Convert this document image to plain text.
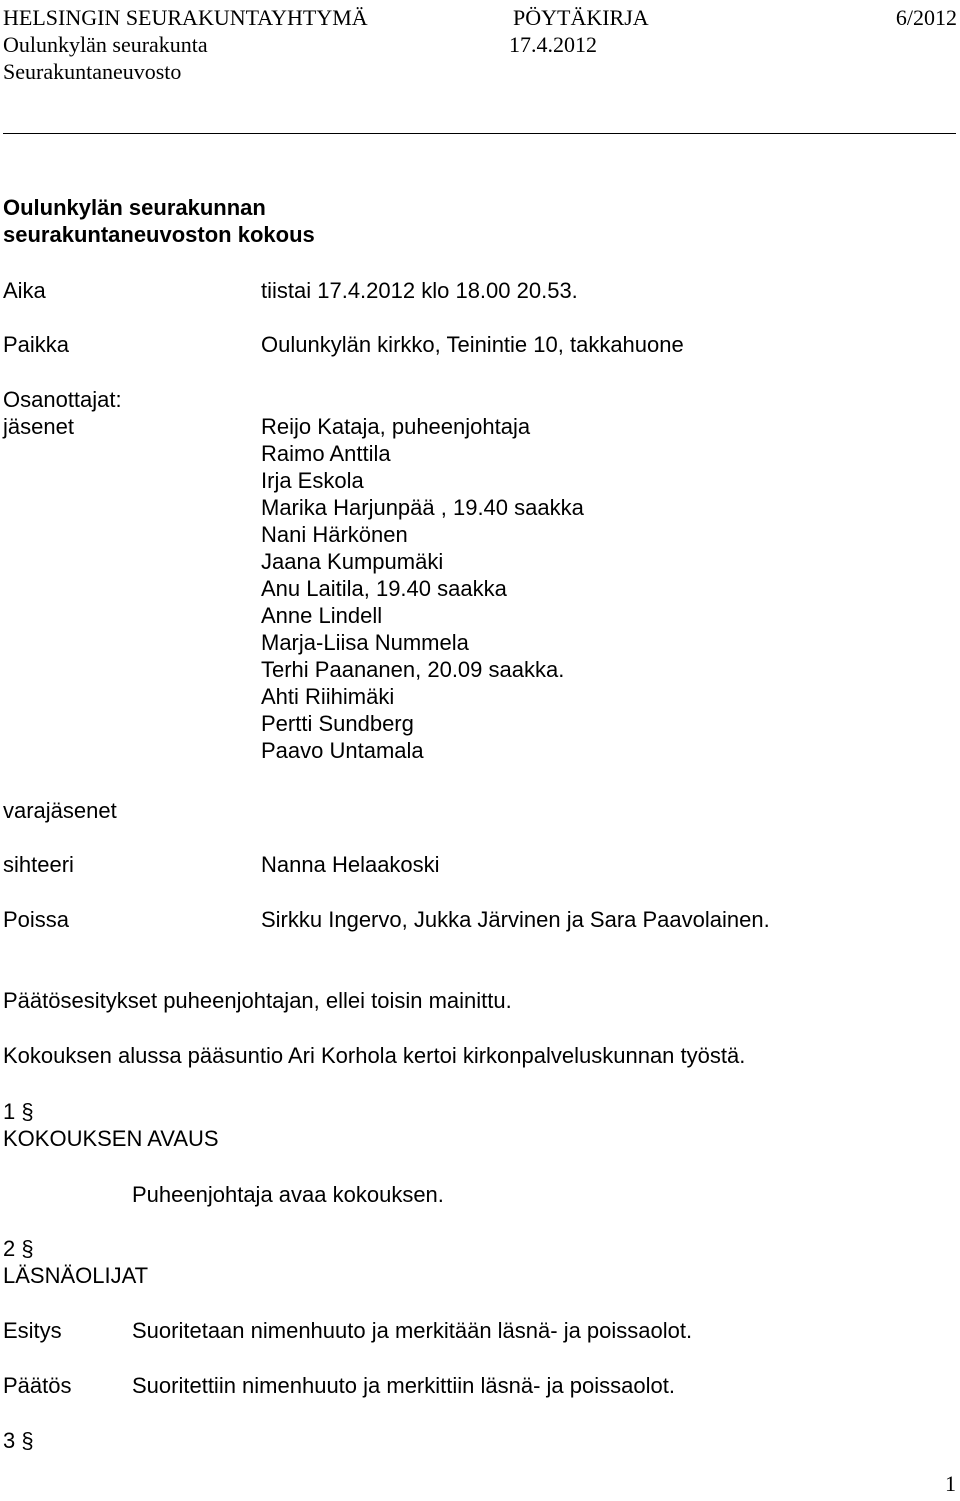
HELSINGIN SEURAKUNTAYHTYMÄ	PÖYTÄKIRJA	6/2012
Oulunkylän seurakunta	17.4.2012
Seurakuntaneuvosto
Oulunkylän seurakunnan
seurakuntaneuvoston kokous
Aika	tiistai 17.4.2012 klo 18.00 20.53.
Paikka	Oulunkylän kirkko, Teinintie 10, takkahuone
Osanottajat:
jäsenet	Reijo Kataja, puheenjohtaja
Raimo Anttila
Irja Eskola
Marika Harjunpää , 19.40 saakka
Nani Härkönen
Jaana Kumpumäki
Anu Laitila, 19.40 saakka
Anne Lindell
Marja-Liisa Nummela
Terhi Paananen, 20.09 saakka.
Ahti Riihimäki
Pertti Sundberg
Paavo Untamala
varajäsenet
sihteeri	Nanna Helaakoski
Poissa	Sirkku Ingervo, Jukka Järvinen ja Sara Paavolainen.
Päätösesitykset puheenjohtajan, ellei toisin mainittu.
Kokouksen alussa pääsuntio Ari Korhola kertoi kirkonpalveluskunnan työstä.
1 §
KOKOUKSEN AVAUS
Puheenjohtaja avaa kokouksen.
2 §
LÄSNÄOLIJAT
Esitys	Suoritetaan nimenhuuto ja merkitään läsnä- ja poissaolot.
Päätös	Suoritettiin nimenhuuto ja merkittiin läsnä- ja poissaolot.
3 §
1
